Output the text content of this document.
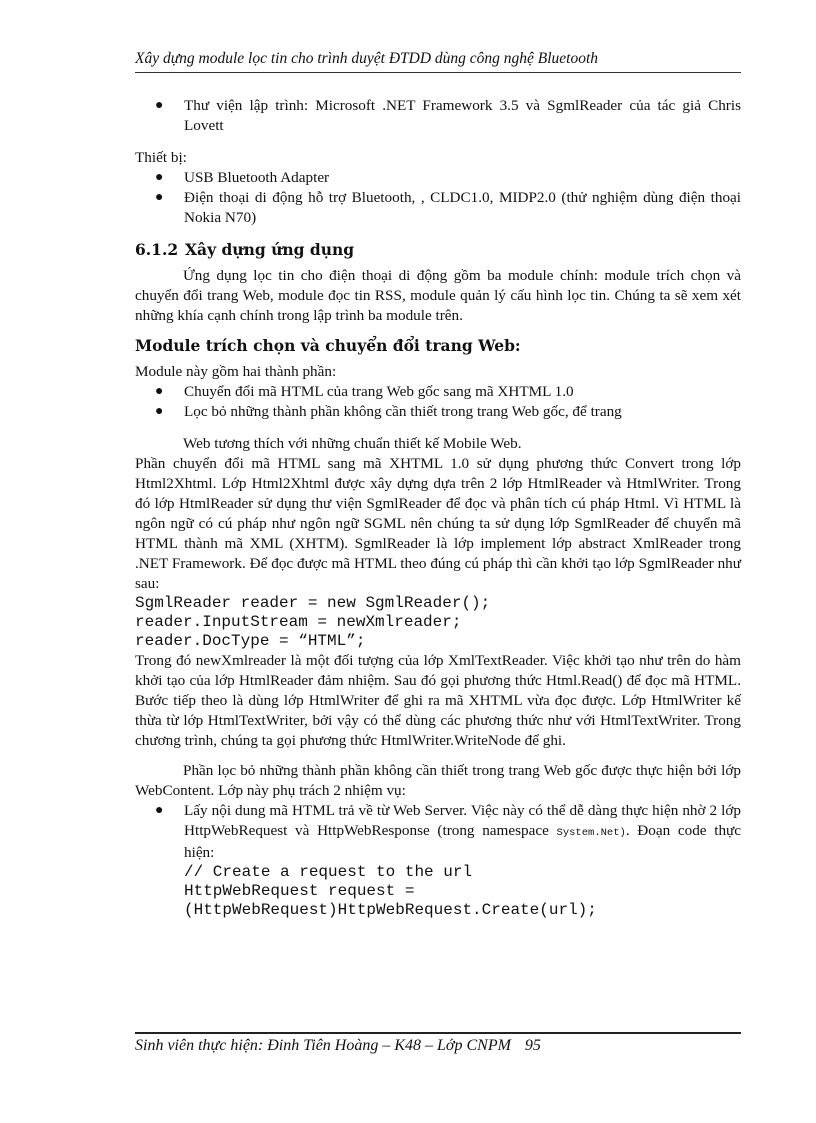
Xây dựng module lọc tin cho trình duyệt ĐTDD dùng công nghệ Bluetooth

● Thư viện lập trình: Microsoft .NET Framework 3.5 và SgmlReader của tác giả Chris Lovett

Thiết bị:

● USB Bluetooth Adapter

● Điện thoại di động hỗ trợ Bluetooth, , CLDC1.0, MIDP2.0 (thử nghiệm dùng điện thoại Nokia N70)

6.1.2 Xây dựng ứng dụng

Ứng dụng lọc tin cho điện thoại di động gồm ba module chính: module trích chọn và chuyển đổi trang Web, module đọc tin RSS, module quản lý cấu hình lọc tin. Chúng ta sẽ xem xét những khía cạnh chính trong lập trình ba module trên.

Module trích chọn và chuyển đổi trang Web:

Module này gồm hai thành phần:

● Chuyển đổi mã HTML của trang Web gốc sang mã XHTML 1.0

● Lọc bỏ những thành phần không cần thiết trong trang Web gốc, để trang

Web tương thích với những chuẩn thiết kế Mobile Web.

Phần chuyển đổi mã HTML sang mã XHTML 1.0 sử dụng phương thức Convert trong lớp Html2Xhtml. Lớp Html2Xhtml được xây dựng dựa trên 2 lớp HtmlReader và HtmlWriter. Trong đó lớp HtmlReader sử dụng thư viện SgmlReader để đọc và phân tích cú pháp Html. Vì HTML là ngôn ngữ có cú pháp như ngôn ngữ SGML nên chúng ta sử dụng lớp SgmlReader để chuyển mã HTML thành mã XML (XHTM). SgmlReader là lớp implement lớp abstract XmlReader trong .NET Framework. Để đọc được mã HTML theo đúng cú pháp thì cần khởi tạo lớp SgmlReader như sau:

SgmlReader reader = new SgmlReader();

reader.InputStream = newXmlreader;

reader.DocType = “HTML”;

Trong đó newXmlreader là một đối tượng của lớp XmlTextReader. Việc khởi tạo như trên do hàm khởi tạo của lớp HtmlReader đảm nhiệm. Sau đó gọi phương thức Html.Read() để đọc mã HTML. Bước tiếp theo là dùng lớp HtmlWriter để ghi ra mã XHTML vừa đọc được. Lớp HtmlWriter kế thừa từ lớp HtmlTextWriter, bởi vậy có thể dùng các phương thức như với HtmlTextWriter. Trong chương trình, chúng ta gọi phương thức HtmlWriter.WriteNode để ghi.

Phần lọc bỏ những thành phần không cần thiết trong trang Web gốc được thực hiện bởi lớp WebContent. Lớp này phụ trách 2 nhiệm vụ:

● Lấy nội dung mã HTML trả về từ Web Server. Việc này có thể dễ dàng thực hiện nhờ 2 lớp HttpWebRequest và HttpWebResponse (trong namespace System.Net). Đoạn code thực hiện:

// Create a request to the url

HttpWebRequest request =

(HttpWebRequest)HttpWebRequest.Create(url);

Sinh viên thực hiện: Đinh Tiên Hoàng – K48 – Lớp CNPM 95
